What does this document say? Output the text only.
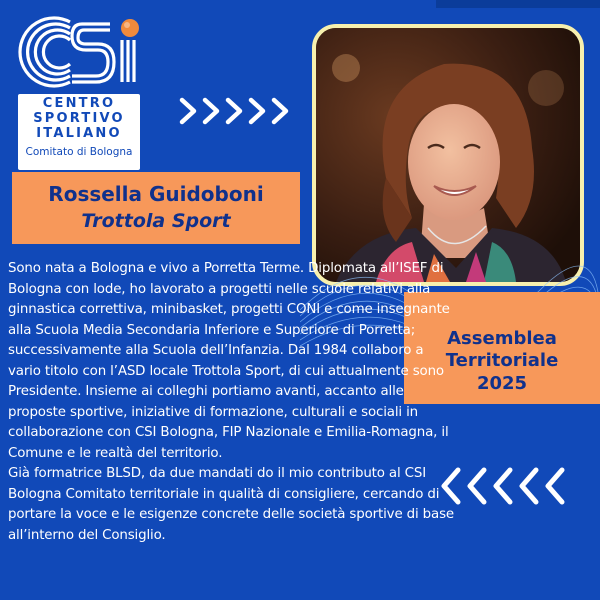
CENTRO
SPORTIVO
ITALIANO
Comitato di Bologna
Rossella Guidoboni
Trottola Sport
Assemblea
Territoriale
2025

Sono nata a Bologna e vivo a Porretta Terme. Diplomata all’ISEF di Bologna con lode, ho lavorato a progetti nelle scuole relativi alla ginnastica correttiva, minibasket, progetti CONI e come insegnante alla Scuola Media Secondaria Inferiore e Superiore di Porretta; successivamente alla Scuola dell’Infanzia. Dal 1984 collaboro a vario titolo con l’ASD locale Trottola Sport, di cui attualmente sono Presidente. Insieme ai colleghi portiamo avanti, accanto alle proposte sportive, iniziative di formazione, culturali e sociali in collaborazione con CSI Bologna, FIP Nazionale e Emilia-Romagna, il Comune e le realtà del territorio.

Già formatrice BLSD, da due mandati do il mio contributo al CSI Bologna Comitato territoriale in qualità di consigliere, cercando di portare la voce e le esigenze concrete delle società sportive di base all’interno del Consiglio.
